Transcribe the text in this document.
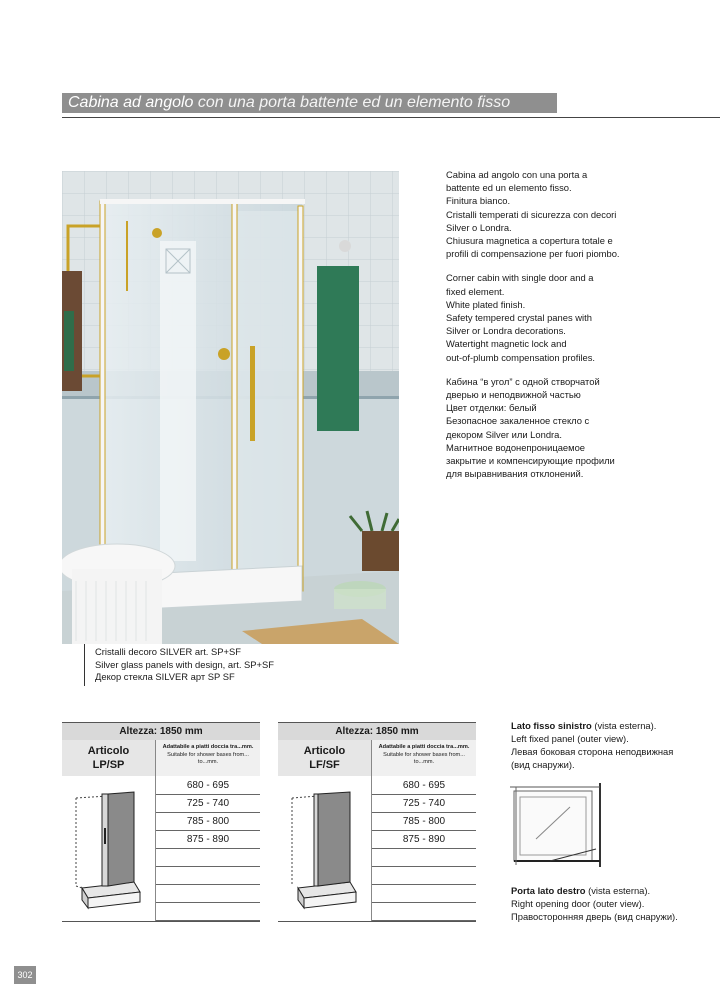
Cabina ad angolo con una porta battente ed un elemento fisso

Cabina ad angolo con una porta a
battente ed un elemento fisso.
Finitura bianco.
Cristalli temperati di sicurezza con decori
Silver o Londra.
Chiusura magnetica a copertura totale e
profili di compensazione per fuori piombo.

Corner cabin with single door and a
fixed element.
White plated finish.
Safety tempered crystal panes with
Silver or Londra decorations.
Watertight magnetic lock and
out-of-plumb compensation profiles.

Кабина “в угол” с одной створчатой
дверью и неподвижной частью
Цвет отделки: белый
Безопасное закаленное стекло с
декором Silver или Londra.
Магнитное водонепроницаемое
закрытие и компенсирующие профили
для выравнивания отклонений.

Cristalli decoro SILVER art. SP+SF
Silver glass panels with design, art. SP+SF
Декор стекла SILVER арт SP SF
Altezza: 1850 mm
Articolo
LP/SP
Adattabile a piatti doccia tra...mm.
Suitable for shower bases from...
to...mm.
680 - 695
725 - 740
785 - 800
875 - 890
Altezza: 1850 mm
Articolo
LF/SF
Adattabile a piatti doccia tra...mm.
Suitable for shower bases from...
to...mm.
680 - 695
725 - 740
785 - 800
875 - 890
Lato fisso sinistro (vista esterna).
Left fixed panel (outer view).
Левая боковая сторона неподвижная
(вид снаружи).
Porta lato destro (vista esterna).
Right opening door (outer view).
Правосторонняя дверь (вид снаружи).
302
